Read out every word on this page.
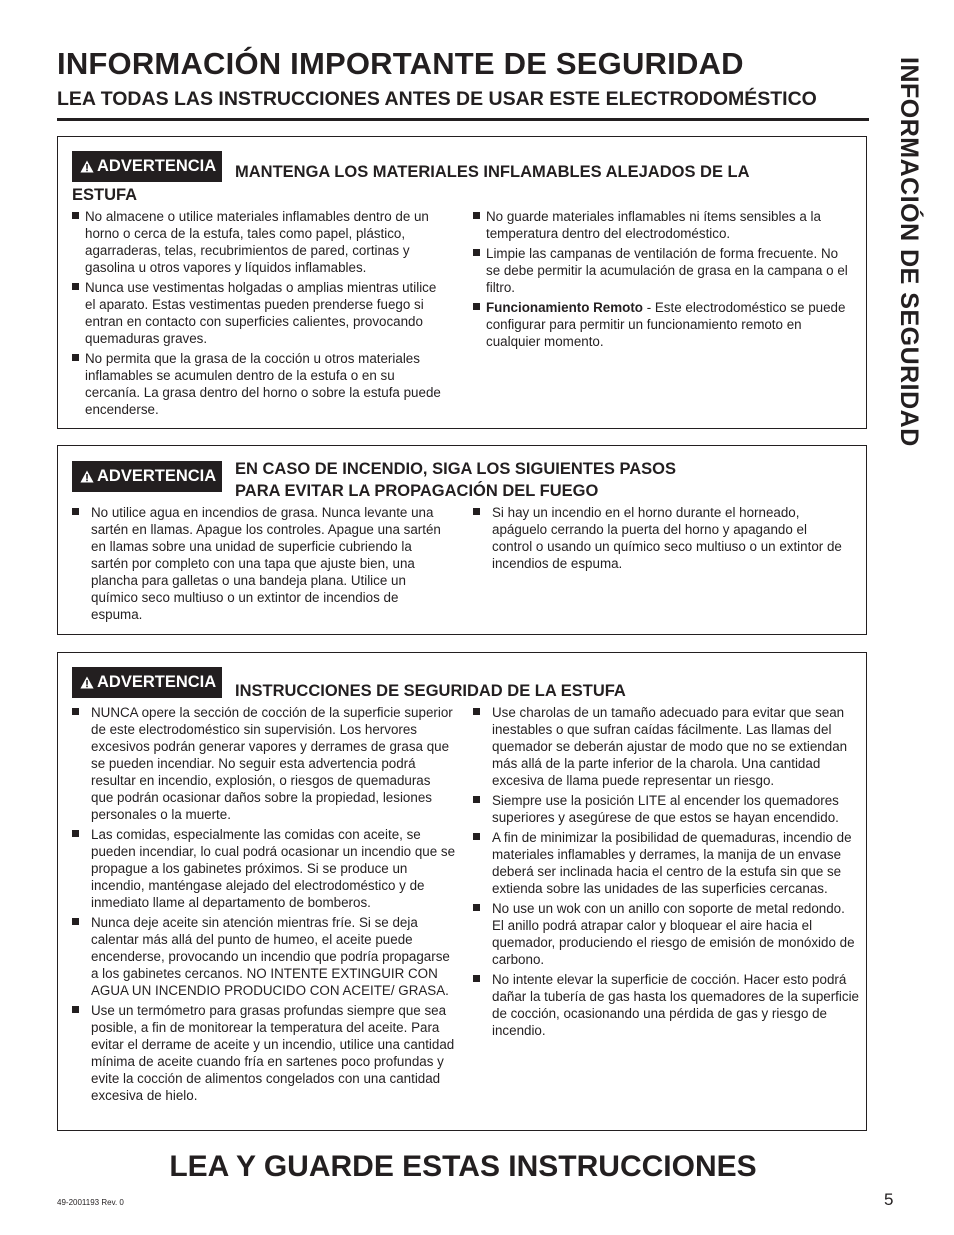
INFORMACIÓN IMPORTANTE DE SEGURIDAD
LEA TODAS LAS INSTRUCCIONES ANTES DE USAR ESTE ELECTRODOMÉSTICO	INFORMACIÓN DE SEGURIDAD
ADVERTENCIA MANTENGA LOS MATERIALES INFLAMABLES ALEJADOS DE LA

ESTUFA

No almacene o utilice materiales inflamables dentro de un horno o cerca de la estufa, tales como papel, plástico, agarraderas, telas, recubrimientos de pared, cortinas y gasolina u otros vapores y líquidos inflamables.
Nunca use vestimentas holgadas o amplias mientras utilice el aparato. Estas vestimentas pueden prenderse fuego si entran en contacto con superficies calientes, provocando quemaduras graves.
No permita que la grasa de la cocción u otros materiales inflamables se acumulen dentro de la estufa o en su cercanía. La grasa dentro del horno o sobre la estufa puede encenderse.
No guarde materiales inflamables ni ítems sensibles a la temperatura dentro del electrodoméstico.
Limpie las campanas de ventilación de forma frecuente. No se debe permitir la acumulación de grasa en la campana o el filtro.
Funcionamiento Remoto - Este electrodoméstico se puede configurar para permitir un funcionamiento remoto en cualquier momento.
ADVERTENCIA EN CASO DE INCENDIO, SIGA LOS SIGUIENTES PASOS

PARA EVITAR LA PROPAGACIÓN DEL FUEGO

No utilice agua en incendios de grasa. Nunca levante una sartén en llamas. Apague los controles. Apague una sartén en llamas sobre una unidad de superficie cubriendo la sartén por completo con una tapa que ajuste bien, una plancha para galletas o una bandeja plana. Utilice un químico seco multiuso o un extintor de incendios de espuma.
Si hay un incendio en el horno durante el horneado, apáguelo cerrando la puerta del horno y apagando el control o usando un químico seco multiuso o un extintor de incendios de espuma.
ADVERTENCIA INSTRUCCIONES DE SEGURIDAD DE LA ESTUFA

NUNCA opere la sección de cocción de la superficie superior de este electrodoméstico sin supervisión. Los hervores excesivos podrán generar vapores y derrames de grasa que se pueden incendiar. No seguir esta advertencia podrá resultar en incendio, explosión, o riesgos de quemaduras que podrán ocasionar daños sobre la propiedad, lesiones personales o la muerte.
Las comidas, especialmente las comidas con aceite, se pueden incendiar, lo cual podrá ocasionar un incendio que se propague a los gabinetes próximos. Si se produce un incendio, manténgase alejado del electrodoméstico y de inmediato llame al departamento de bomberos.
Nunca deje aceite sin atención mientras fríe. Si se deja calentar más allá del punto de humeo, el aceite puede encenderse, provocando un incendio que podría propagarse a los gabinetes cercanos. NO INTENTE EXTINGUIR CON AGUA UN INCENDIO PRODUCIDO CON ACEITE/ GRASA.
Use un termómetro para grasas profundas siempre que sea posible, a fin de monitorear la temperatura del aceite. Para evitar el derrame de aceite y un incendio, utilice una cantidad mínima de aceite cuando fría en sartenes poco profundas y evite la cocción de alimentos congelados con una cantidad excesiva de hielo.
Use charolas de un tamaño adecuado para evitar que sean inestables o que sufran caídas fácilmente. Las llamas del quemador se deberán ajustar de modo que no se extiendan más allá de la parte inferior de la charola. Una cantidad excesiva de llama puede representar un riesgo.
Siempre use la posición LITE al encender los quemadores superiores y asegúrese de que estos se hayan encendido.
A fin de minimizar la posibilidad de quemaduras, incendio de materiales inflamables y derrames, la manija de un envase deberá ser inclinada hacia el centro de la estufa sin que se extienda sobre las unidades de las superficies cercanas.
No use un wok con un anillo con soporte de metal redondo. El anillo podrá atrapar calor y bloquear el aire hacia el quemador, produciendo el riesgo de emisión de monóxido de carbono.
No intente elevar la superficie de cocción. Hacer esto podrá dañar la tubería de gas hasta los quemadores de la superficie de cocción, ocasionando una pérdida de gas y riesgo de incendio.
LEA Y GUARDE ESTAS INSTRUCCIONES
49-2001193 Rev. 0	5
